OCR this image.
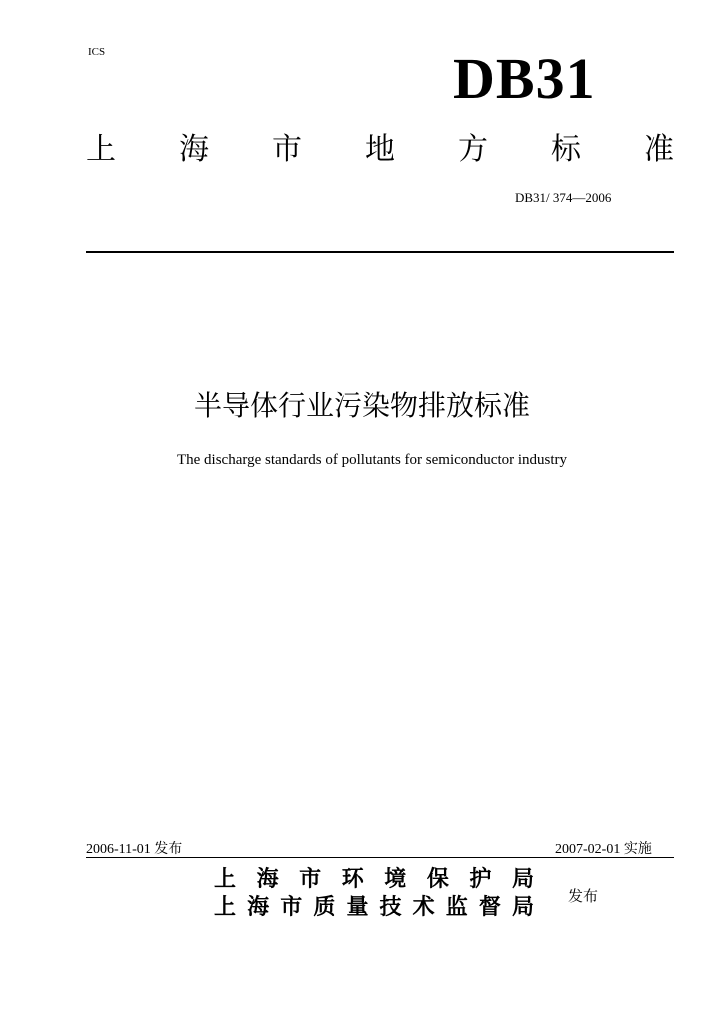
ICS	DB31
上 海 市 地 方 标 准
DB31/ 374—2006
半导体行业污染物排放标准
The discharge standards of pollutants for semiconductor industry
2006-11-01 发布	2007-02-01 实施
上 海 市 环 境 保 护 局
上 海 市 质 量 技 术 监 督 局 发布
